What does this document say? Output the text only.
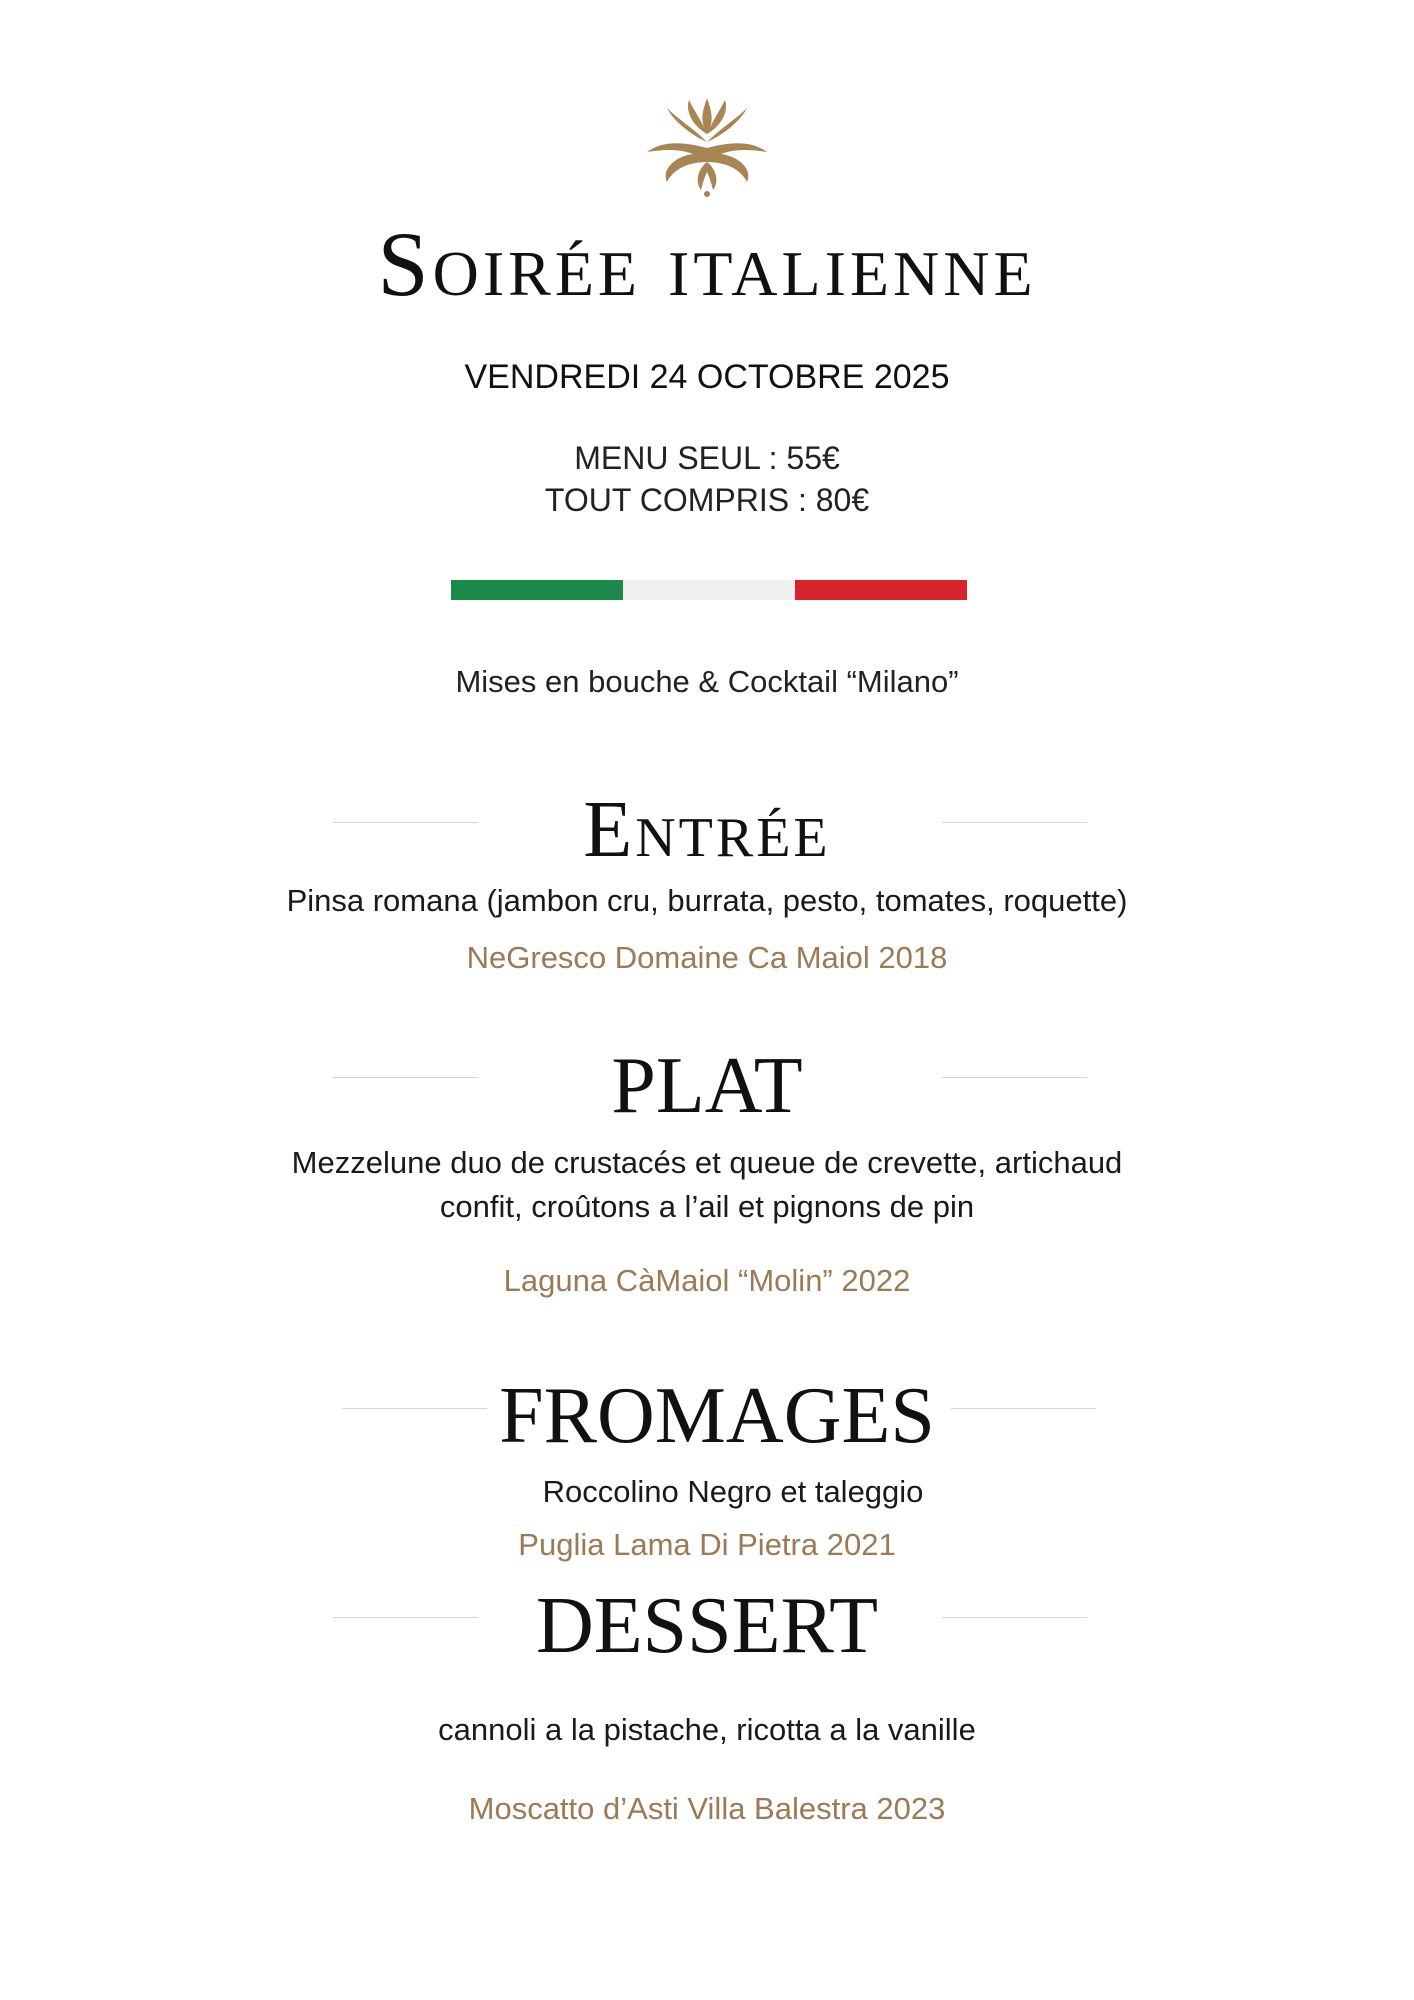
Soirée italienne
VENDREDI 24 OCTOBRE 2025
MENU SEUL : 55€
TOUT COMPRIS : 80€
Mises en bouche & Cocktail “Milano”
Entrée
Pinsa romana (jambon cru, burrata, pesto, tomates, roquette)
NeGresco Domaine Ca Maiol 2018
PLAT
Mezzelune duo de crustacés et queue de crevette, artichaud
confit, croûtons a l’ail et pignons de pin
Laguna CàMaiol “Molin” 2022
FROMAGES
Roccolino Negro et taleggio
Puglia Lama Di Pietra 2021
DESSERT
cannoli a la pistache, ricotta a la vanille
Moscatto d’Asti Villa Balestra 2023
